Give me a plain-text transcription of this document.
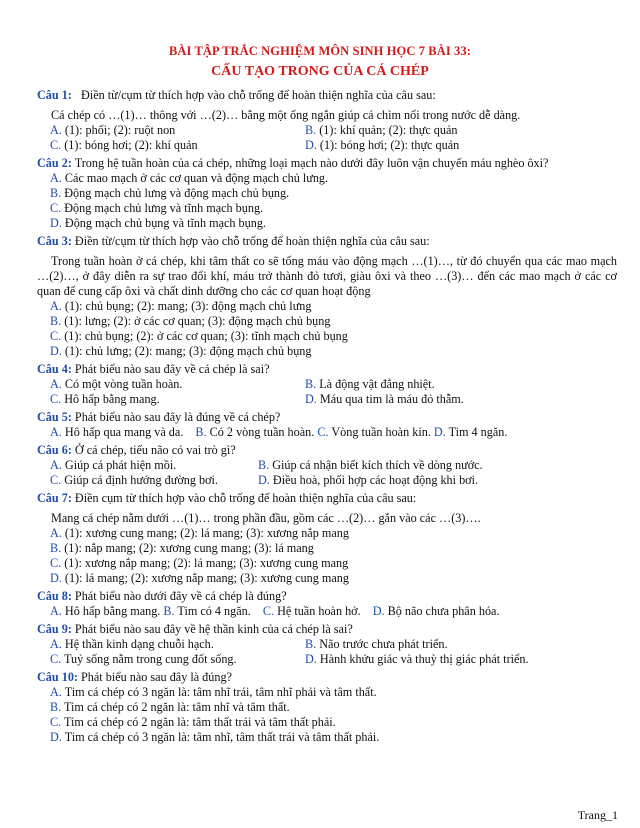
BÀI TẬP TRẮC NGHIỆM MÔN SINH HỌC 7 BÀI 33:
CẤU TẠO TRONG CỦA CÁ CHÉP

Câu 1: Điền từ/cụm từ thích hợp vào chỗ trống để hoàn thiện nghĩa của câu sau:

Cá chép có …(1)… thông với …(2)… bằng một ống ngắn giúp cá chìm nổi trong nước dễ dàng.

A. (1): phổi; (2): ruột non	B. (1): khí quản; (2): thực quản
C. (1): bóng hơi; (2): khí quản	D. (1): bóng hơi; (2): thực quản

Câu 2: Trong hệ tuần hoàn của cá chép, những loại mạch nào dưới đây luôn vận chuyển máu nghèo ôxi?

A. Các mao mạch ở các cơ quan và động mạch chủ lưng.
B. Động mạch chủ lưng và động mạch chủ bụng.
C. Động mạch chủ lưng và tĩnh mạch bụng.
D. Động mạch chủ bụng và tĩnh mạch bụng.

Câu 3: Điền từ/cụm từ thích hợp vào chỗ trống để hoàn thiện nghĩa của câu sau:

Trong tuần hoàn ở cá chép, khi tâm thất co sẽ tống máu vào động mạch …(1)…, từ đó chuyển qua các mao mạch …(2)…, ở đây diễn ra sự trao đổi khí, máu trở thành đỏ tươi, giàu ôxi và theo …(3)… đến các mao mạch ở các cơ quan để cung cấp ôxi và chất dinh dưỡng cho các cơ quan hoạt động

A. (1): chủ bụng; (2): mang; (3): động mạch chủ lưng
B. (1): lưng; (2): ở các cơ quan; (3): động mạch chủ bụng
C. (1): chủ bụng; (2): ở các cơ quan; (3): tĩnh mạch chủ bụng
D. (1): chủ lưng; (2): mang; (3): động mạch chủ bụng

Câu 4: Phát biểu nào sau đây về cá chép là sai?

A. Có một vòng tuần hoàn.	B. Là động vật đẳng nhiệt.
C. Hô hấp bằng mang.	D. Máu qua tim là máu đỏ thẫm.

Câu 5: Phát biểu nào sau đây là đúng về cá chép?

A. Hô hấp qua mang và da. B. Có 2 vòng tuần hoàn. C. Vòng tuần hoàn kín. D. Tim 4 ngăn.

Câu 6: Ở cá chép, tiểu não có vai trò gì?

A. Giúp cá phát hiện mồi.	B. Giúp cá nhận biết kích thích về dòng nước.
C. Giúp cá định hướng đường bơi.	D. Điều hoà, phối hợp các hoạt động khi bơi.

Câu 7: Điền cụm từ thích hợp vào chỗ trống để hoàn thiện nghĩa của câu sau:

Mang cá chép nằm dưới …(1)… trong phần đầu, gồm các …(2)… gắn vào các …(3)….

A. (1): xương cung mang; (2): lá mang; (3): xương nắp mang
B. (1): nắp mang; (2): xương cung mang; (3): lá mang
C. (1): xương nắp mang; (2): lá mang; (3): xương cung mang
D. (1): lá mang; (2): xương nắp mang; (3): xương cung mang

Câu 8: Phát biểu nào dưới đây về cá chép là đúng?

A. Hô hấp bằng mang. B. Tim có 4 ngăn. C. Hệ tuần hoàn hở. D. Bộ não chưa phân hóa.

Câu 9: Phát biểu nào sau đây về hệ thần kinh của cá chép là sai?

A. Hệ thần kinh dạng chuỗi hạch.	B. Não trước chưa phát triển.
C. Tuỷ sống nằm trong cung đốt sống.	D. Hành khứu giác và thuỳ thị giác phát triển.

Câu 10: Phát biểu nào sau đây là đúng?

A. Tim cá chép có 3 ngăn là: tâm nhĩ trái, tâm nhĩ phải và tâm thất.
B. Tim cá chép có 2 ngăn là: tâm nhĩ và tâm thất.
C. Tim cá chép có 2 ngăn là: tâm thất trái và tâm thất phải.
D. Tim cá chép có 3 ngăn là: tâm nhĩ, tâm thất trái và tâm thất phải.
Trang_1
